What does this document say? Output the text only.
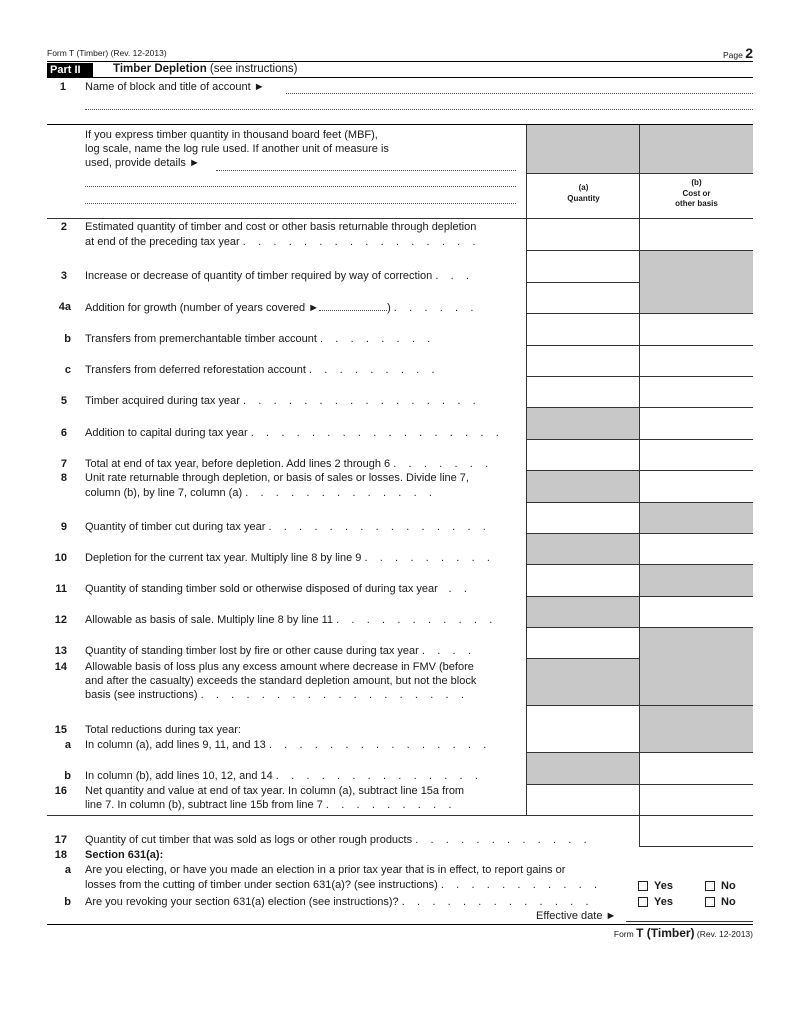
Form T (Timber) (Rev. 12-2013)	Page 2
Part II	Timber Depletion (see instructions)
1 Name of block and title of account ►
If you express timber quantity in thousand board feet (MBF),
log scale, name the log rule used. If another unit of measure is
used, provide details ►
(a)
Quantity
(b)
Cost or
other basis
2 Estimated quantity of timber and cost or other basis returnable through depletion
at end of the preceding tax year . . . . . . . . . . . . . . . .
3 Increase or decrease of quantity of timber required by way of correction . . .
4a Addition for growth (number of years covered ►	) . . . . . .
b Transfers from premerchantable timber account . . . . . . . .
c Transfers from deferred reforestation account . . . . . . . . .
5 Timber acquired during tax year . . . . . . . . . . . . . . . .
6 Addition to capital during tax year . . . . . . . . . . . . . . . . .
7 Total at end of tax year, before depletion. Add lines 2 through 6 . . . . . . .
8 Unit rate returnable through depletion, or basis of sales or losses. Divide line 7,
column (b), by line 7, column (a) . . . . . . . . . . . . .
9 Quantity of timber cut during tax year . . . . . . . . . . . . . . .
10 Depletion for the current tax year. Multiply line 8 by line 9 . . . . . . . . .
11 Quantity of standing timber sold or otherwise disposed of during tax year  . .
12 Allowable as basis of sale. Multiply line 8 by line 11 . . . . . . . . . . .
13 Quantity of standing timber lost by fire or other cause during tax year . . . .
14 Allowable basis of loss plus any excess amount where decrease in FMV (before
and after the casualty) exceeds the standard depletion amount, but not the block
basis (see instructions) . . . . . . . . . . . . . . . . . .
15 Total reductions during tax year:
a In column (a), add lines 9, 11, and 13 . . . . . . . . . . . . . . .
b In column (b), add lines 10, 12, and 14 . . . . . . . . . . . . . .
16 Net quantity and value at end of tax year. In column (a), subtract line 15a from
line 7. In column (b), subtract line 15b from line 7 . . . . . . . . .
17 Quantity of cut timber that was sold as logs or other rough products . . . . . . . . . . . .
18 Section 631(a):
a Are you electing, or have you made an election in a prior tax year that is in effect, to report gains or
losses from the cutting of timber under section 631(a)? (see instructions) . . . . . . . . . . .	Yes	No
b Are you revoking your section 631(a) election (see instructions)? . . . . . . . . . . . . .	Yes	No
Effective date ►
Form T (Timber) (Rev. 12-2013)
